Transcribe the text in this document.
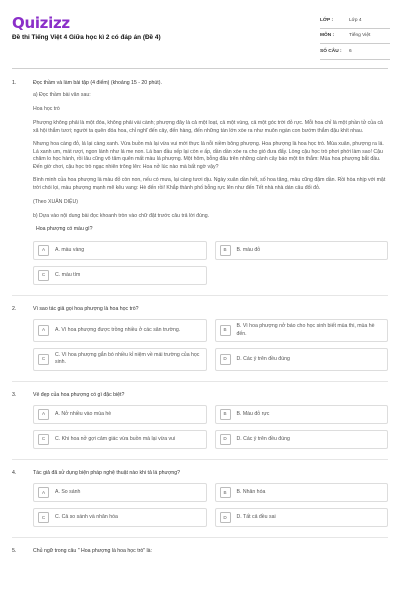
Quizizz
Đề thi Tiếng Việt 4 Giữa học kì 2 có đáp án (Đề 4)
LỚP :	Lớp 4
MÔN :	Tiếng Việt
SỐ CÂU :	6
1.	Đọc thầm và làm bài tập (4 điểm) (khoảng 15 - 20 phút).

a) Đọc thầm bài văn sau:

Hoa học trò

Phượng không phải là một đóa, không phải vài cành; phượng đây là cả một loạt, cả một vùng, cả một góc trời đỏ rực. Mỗi hoa chỉ là một phần tử của cả xã hội thắm tươi; người ta quên đóa hoa, chỉ nghĩ đến cây, đến hàng, đến những tán lớn xòe ra như muôn ngàn con bướm thắm đậu khít nhau.

Nhưng hoa càng đỏ, lá lại càng xanh. Vừa buồn mà lại vừa vui mới thực là nỗi niềm bông phượng. Hoa phượng là hoa học trò. Mùa xuân, phượng ra lá. Lá xanh um, mát rượi, ngon lành như lá me non. Lá ban đầu xếp lại còn e ấp, dần dần xòe ra cho gió đưa đẩy. Lòng cậu học trò phơi phới làm sao! Cậu chăm lo học hành, rồi lâu cũng vô tâm quên mất màu lá phượng. Một hôm, bỗng đâu trên những cành cây báo một tin thắm: Mùa hoa phượng bắt đầu. Đến giờ chơi, cậu học trò ngạc nhiên trông lên: Hoa nở lúc nào mà bất ngờ vậy?

Bình minh của hoa phượng là màu đỏ còn non, nếu có mưa, lại càng tươi dịu. Ngày xuân dần hết, số hoa tăng, màu cũng đậm dần. Rồi hòa nhịp với mặt trời chói lọi, màu phượng mạnh mẽ kêu vang: Hè đến rồi! Khắp thành phố bỗng rực lên như đến Tết nhà nhà dán câu đối đỏ.

(Theo XUÂN DIỆU)

b) Dựa vào nội dung bài đọc khoanh tròn vào chữ đặt trước câu trả lời đúng.

Hoa phượng có màu gì?
A	A. màu vàng	B	B. màu đỏ
C	C. màu tím
2.	Vì sao tác giả gọi hoa phượng là hoa học trò?
A	A. Vì hoa phượng được trồng nhiều ở các sân trường.	B
B. Vì hoa phượng nở báo cho học sinh biết mùa thi, mùa hè đến.
C
C. Vì hoa phượng gắn bó nhiều kỉ niệm về mái trường của học sinh.
D	D. Các ý trên đều đúng
3.	Vẻ đẹp của hoa phượng có gì đặc biệt?
A	A. Nở nhiều vào mùa hè	B	B. Màu đỏ rực
C	C. Khi hoa nở gợi cảm giác vừa buồn mà lại vừa vui	D	D. Các ý trên đều đúng
4.	Tác giả đã sử dụng biện pháp nghệ thuật nào khi tả lá phượng?
A	A. So sánh	B	B. Nhân hóa
C	C. Cả so sánh và nhân hóa	D	D. Tất cả đều sai
5.	Chủ ngữ trong câu " Hoa phượng là hoa học trò" là:
